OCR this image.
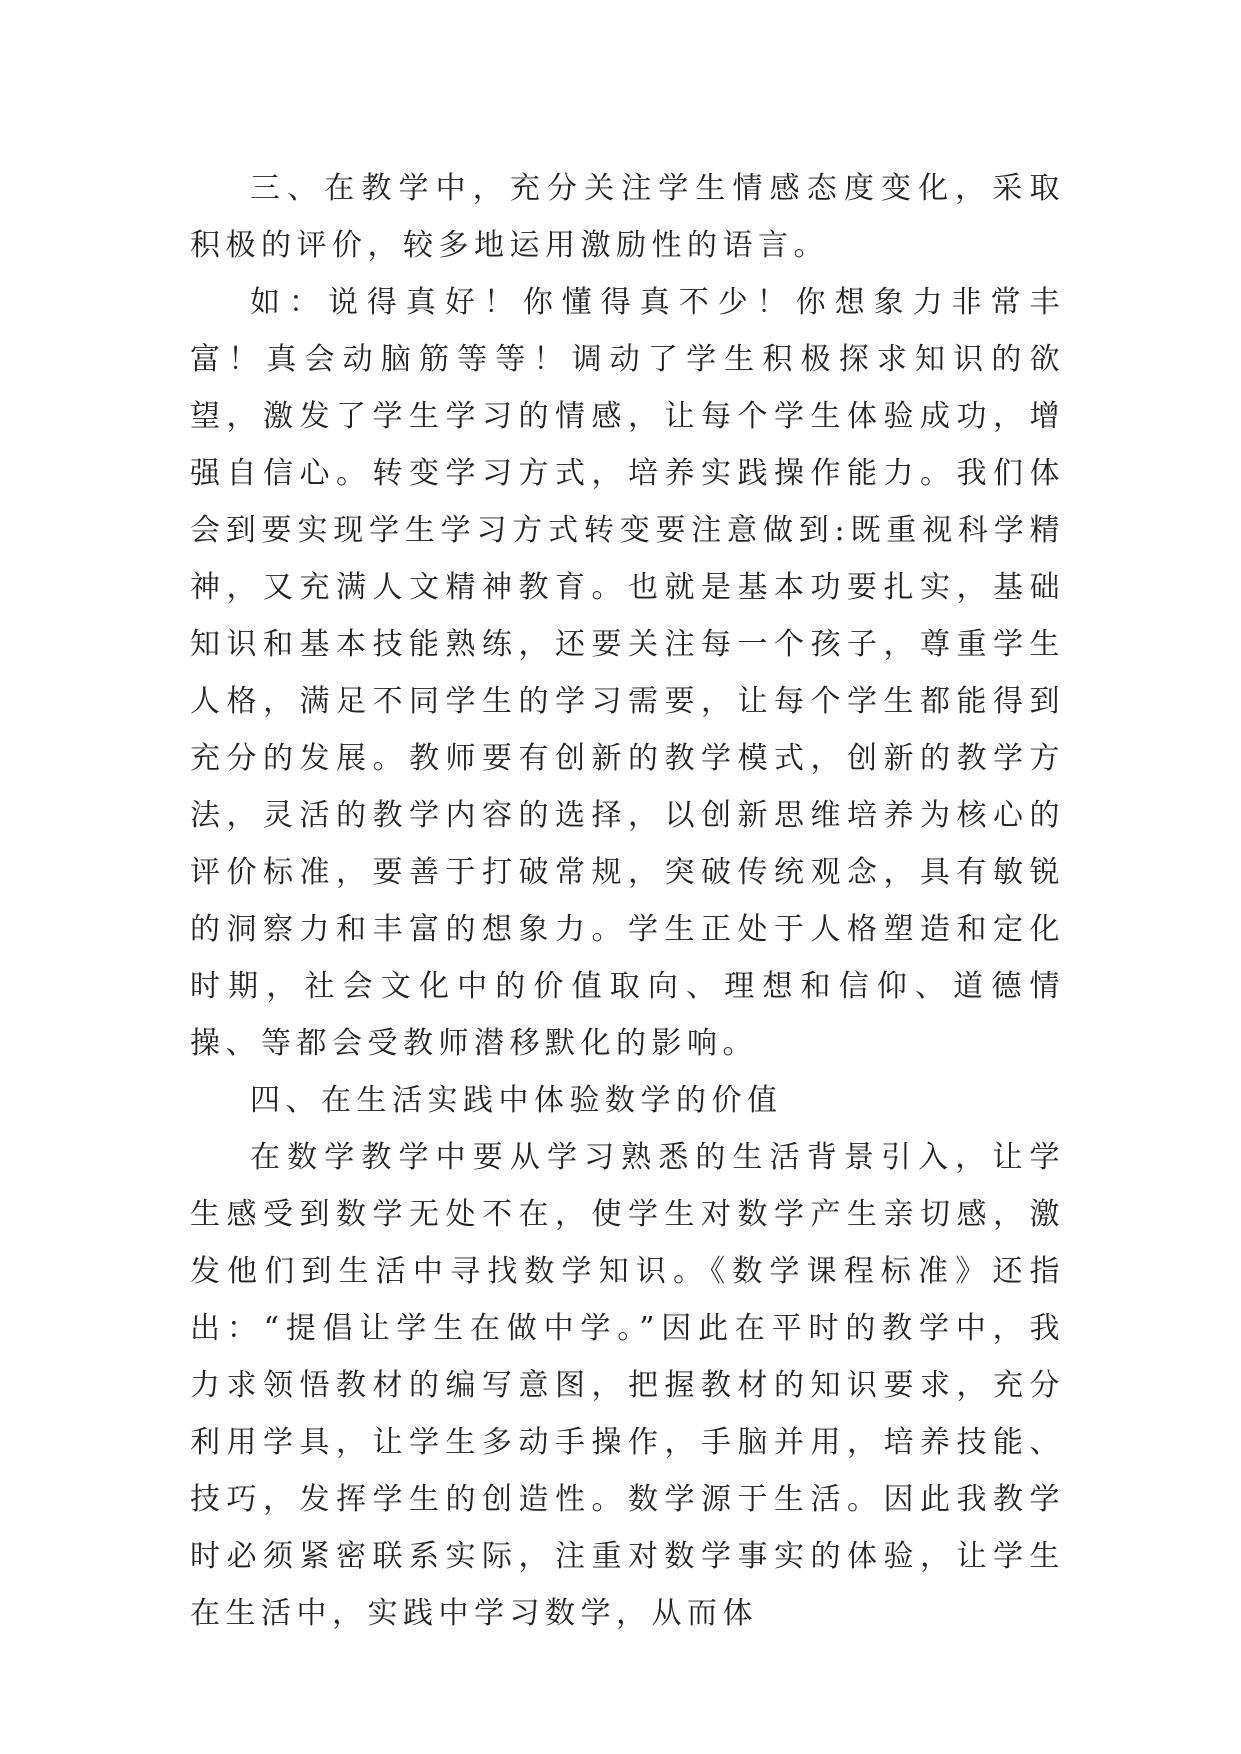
三、在教学中，充分关注学生情感态度变化，采取积极的评价，较多地运用激励性的语言。

如：说得真好！你懂得真不少！你想象力非常丰富！真会动脑筋等等！调动了学生积极探求知识的欲望，激发了学生学习的情感，让每个学生体验成功，增强自信心。转变学习方式，培养实践操作能力。我们体会到要实现学生学习方式转变要注意做到:既重视科学精神，又充满人文精神教育。也就是基本功要扎实，基础知识和基本技能熟练，还要关注每一个孩子，尊重学生人格，满足不同学生的学习需要，让每个学生都能得到充分的发展。教师要有创新的教学模式，创新的教学方法，灵活的教学内容的选择，以创新思维培养为核心的评价标准，要善于打破常规，突破传统观念，具有敏锐的洞察力和丰富的想象力。学生正处于人格塑造和定化时期，社会文化中的价值取向、理想和信仰、道德情操、等都会受教师潜移默化的影响。

四、在生活实践中体验数学的价值

在数学教学中要从学习熟悉的生活背景引入，让学生感受到数学无处不在，使学生对数学产生亲切感，激发他们到生活中寻找数学知识。《数学课程标准》还指出：“提倡让学生在做中学。”因此在平时的教学中，我力求领悟教材的编写意图，把握教材的知识要求，充分利用学具，让学生多动手操作，手脑并用，培养技能、技巧，发挥学生的创造性。数学源于生活。因此我教学时必须紧密联系实际，注重对数学事实的体验，让学生在生活中，实践中学习数学，从而体
